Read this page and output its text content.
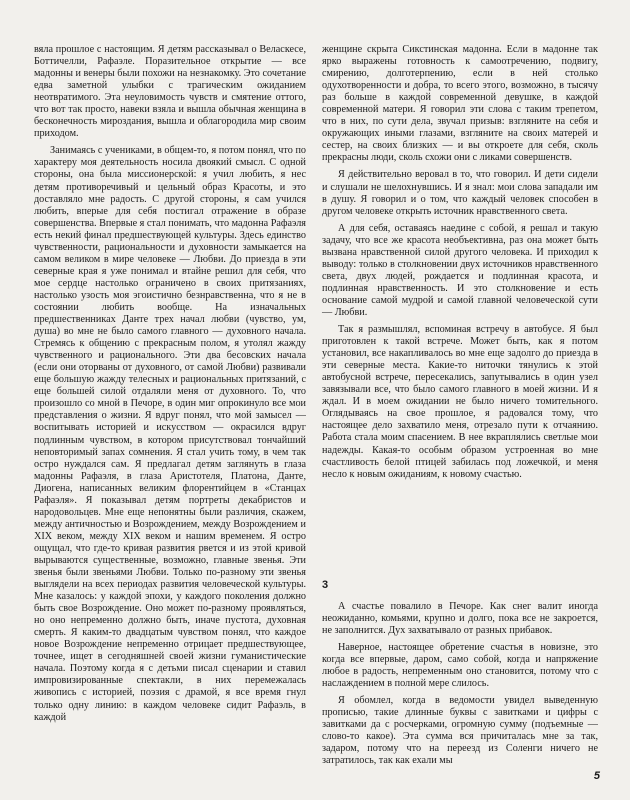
вяла прошлое с настоящим. Я детям рассказывал о Веласкесе, Боттичелли, Рафаэле. Поразительное открытие — все мадонны и венеры были похожи на незнакомку. Это сочетание едва заметной улыбки с трагическим ожиданием неотвратимого. Эта неуловимость чувств и смятение оттого, что вот так просто, навеки взяла и вышла обычная женщина в бесконечность мироздания, вышла и облагородила мир своим приходом.

Занимаясь с учениками, в общем-то, я потом понял, что по характеру моя деятельность носила двоякий смысл. С одной стороны, она была миссионерской: я учил любить, я нес детям противоречивый и цельный образ Красоты, и это доставляло мне радость. С другой стороны, я сам учился любить, вперые для себя постигал отражение в образе совершенства. Впервые я стал понимать, что мадонна Рафаэля есть некий финал предшествующей культуры. Здесь единство чувственности, рациональности и духовности замыкается на самом великом в мире человеке — Любви. До приезда в эти северные края я уже понимал и втайне решил для себя, что мое сердце настолько ограничено в своих притязаниях, настолько узость моя эгоистично безнравственна, что я не в состоянии любить вообще. На изначальных предшественниках Данте трех начал любви (чувство, ум, душа) во мне не было самого главного — духовного начала. Стремясь к общению с прекрасным полом, я утолял жажду чувственного и рационального. Эти два бесовских начала (если они оторваны от духовного, от самой Любви) развивали еще большую жажду телесных и рациональных притязаний, с еще большей силой отдаляли меня от духовного. То, что произошло со мной в Печоре, в один миг опрокинуло все мои представления о жизни. Я вдруг понял, что мой замысел — воспитывать историей и искусством — окрасился вдруг подлинным чувством, в котором присутствовал тончайший неповторимый запах сомнения. Я стал учить тому, в чем так остро нуждался сам. Я предлагал детям заглянуть в глаза мадонны Рафаэля, в глаза Аристотеля, Платона, Данте, Диогена, написанных великим флорентийцем в «Станцах Рафаэля». Я показывал детям портреты декабристов и народовольцев. Мне еще непонятны были различия, скажем, между античностью и Возрождением, между Возрождением и XIX веком, между XIX веком и нашим временем. Я остро ощущал, что где-то кривая развития рвется и из этой кривой вырываются существенные, возможно, главные звенья. Эти звенья были звеньями Любви. Только по-разному эти звенья выглядели на всех периодах развития человеческой культуры. Мне казалось: у каждой эпохи, у каждого поколения должно быть свое Возрождение. Оно может по-разному проявляться, но оно непременно должно быть, иначе пустота, духовная смерть. Я каким-то двадцатым чувством понял, что каждое новое Возрождение непременно отрицает предшествующее, точнее, ищет в сегодняшней своей жизни гуманистические начала. Поэтому когда я с детьми писал сценарии и ставил импровизированные спектакли, в них перемежалась живопись с историей, поэзия с драмой, я все время гнул только одну линию: в каждом человеке сидит Рафаэль, в каждой

женщине скрыта Сикстинская мадонна. Если в мадонне так ярко выражены готовность к самоотречению, подвигу, смирению, долготерпению, если в ней столько одухотворенности и добра, то всего этого, возможно, в тысячу раз больше в каждой современной девушке, в каждой современной матери. Я говорил эти слова с таким трепетом, что в них, по сути дела, звучал призыв: взгляните на себя и окружающих иными глазами, взгляните на своих матерей и сестер, на своих близких — и вы откроете для себя, сколь прекрасны люди, сколь схожи они с ликами совершенств.

Я действительно веровал в то, что говорил. И дети сидели и слушали не шелохнувшись. И я знал: мои слова западали им в душу. Я говорил и о том, что каждый человек способен в другом человеке открыть источник нравственного света.

А для себя, оставаясь наедине с собой, я решал и такую задачу, что все же красота необъективна, раз она может быть вызвана нравственной силой другого человека. И приходил к выводу: только в столкновении двух источников нравственного света, двух людей, рождается и подлинная красота, и подлинная нравственность. И это столкновение и есть основание самой мудрой и самой главной человеческой сути — Любви.

Так я размышлял, вспоминая встречу в автобусе. Я был приготовлен к такой встрече. Может быть, как я потом установил, все накапливалось во мне еще задолго до приезда в эти северные места. Какие-то ниточки тянулись к этой автобусной встрече, пересекались, запутывались в один узел завязывали все, что было самого главного в моей жизни. И я ждал. И в моем ожидании не было ничего томительного. Оглядываясь на свое прошлое, я радовался тому, что настоящее дело захватило меня, отрезало пути к отчаянию. Работа стала моим спасением. В нее вкраплялись светлые мои надежды. Какая-то особым образом устроенная во мне счастливость белой птицей забилась под ложечкой, и меня несло к новым ожиданиям, к новому счастью.

3

А счастье повалило в Печоре. Как снег валит иногда неожиданно, комьями, крупно и долго, пока все не закроется, не заполнится. Дух захватывало от разных прибавок.

Наверное, настоящее обретение счастья в новизне, это когда все впервые, даром, само собой, когда и напряжение любое в радость, непременным оно становится, потому что с наслаждением в полной мере слилось.

Я обомлел, когда в ведомости увидел выведенную прописью, такие длинные буквы с завитками и цифры с завитками да с росчерками, огромную сумму (подъемные — слово-то какое). Эта сумма вся причиталась мне за так, задаром, потому что на переезд из Соленги ничего не затратилось, так как ехали мы

5
